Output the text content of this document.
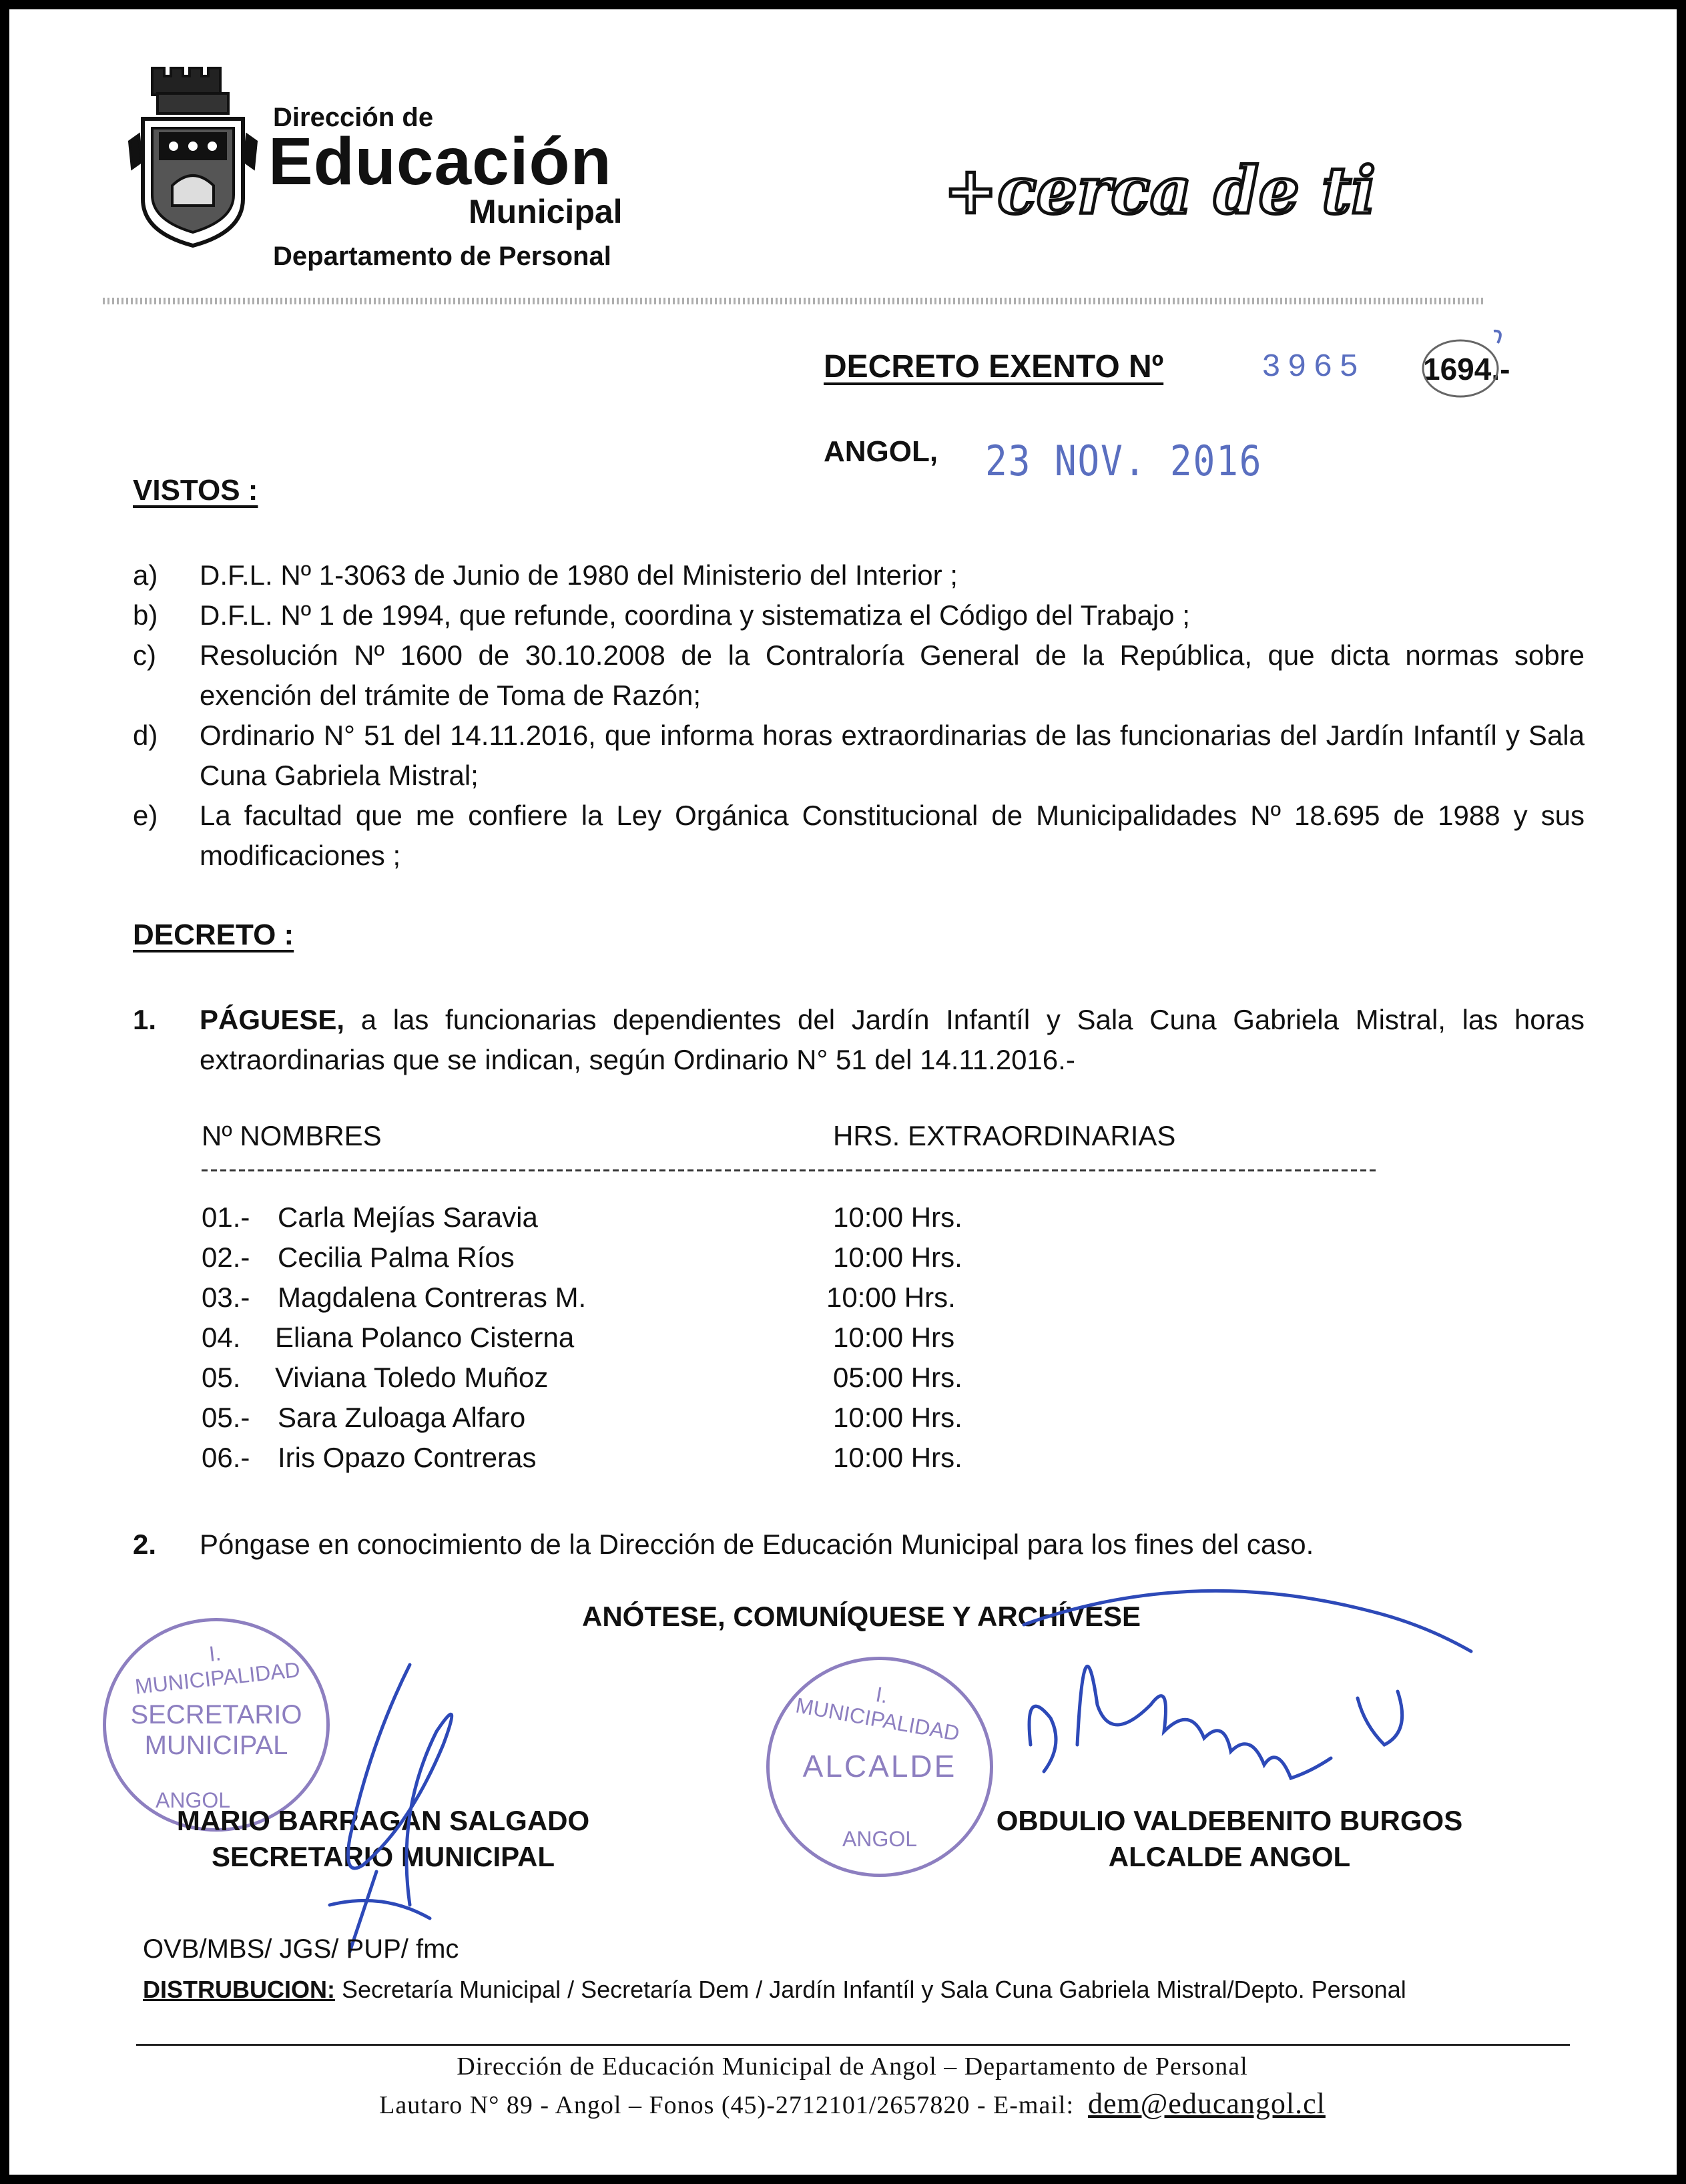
Dirección de
Educación
Municipal
Departamento de Personal
+cerca de ti
DECRETO EXENTO Nº	3965 1694.-
ANGOL, 23 NOV. 2016
VISTOS :
a)	D.F.L. Nº 1-3063 de Junio de 1980 del Ministerio del Interior ;
b)	D.F.L. Nº 1 de 1994, que refunde, coordina y sistematiza el Código del Trabajo ;
c)	Resolución Nº 1600 de 30.10.2008 de la Contraloría General de la República, que dicta normas sobre exención del trámite de Toma de Razón;
d)	Ordinario N° 51 del 14.11.2016, que informa horas extraordinarias de las funcionarias del Jardín Infantíl y Sala Cuna Gabriela Mistral;
e)	La facultad que me confiere la Ley Orgánica Constitucional de Municipalidades Nº 18.695 de 1988 y sus modificaciones ;
DECRETO :
1.	PÁGUESE, a las funcionarias dependientes del Jardín Infantíl y Sala Cuna Gabriela Mistral, las horas extraordinarias que se indican, según Ordinario N° 51 del 14.11.2016.-
Nº NOMBRES	HRS. EXTRAORDINARIAS
01.- Carla Mejías Saravia	10:00 Hrs.
02.- Cecilia Palma Ríos	10:00 Hrs.
03.- Magdalena Contreras M.	10:00 Hrs.
04. Eliana Polanco Cisterna	10:00 Hrs
05. Viviana Toledo Muñoz	05:00 Hrs.
05.- Sara Zuloaga Alfaro	10:00 Hrs.
06.- Iris Opazo Contreras	10:00 Hrs.
2.	Póngase en conocimiento de la Dirección de Educación Municipal para los fines del caso.
ANÓTESE, COMUNÍQUESE Y ARCHÍVESE
I. MUNICIPALIDAD
SECRETARIO
MUNICIPAL
ANGOL
I. MUNICIPALIDAD
ALCALDE
ANGOL
MARIO BARRAGAN SALGADO
SECRETARIO MUNICIPAL
OBDULIO VALDEBENITO BURGOS
ALCALDE ANGOL
OVB/MBS/ JGS/ PUP/ fmc
DISTRUBUCION: Secretaría Municipal / Secretaría Dem / Jardín Infantíl y Sala Cuna Gabriela Mistral/Depto. Personal
Dirección de Educación Municipal de Angol – Departamento de Personal
Lautaro N° 89 - Angol – Fonos (45)-2712101/2657820 - E-mail: dem@educangol.cl
